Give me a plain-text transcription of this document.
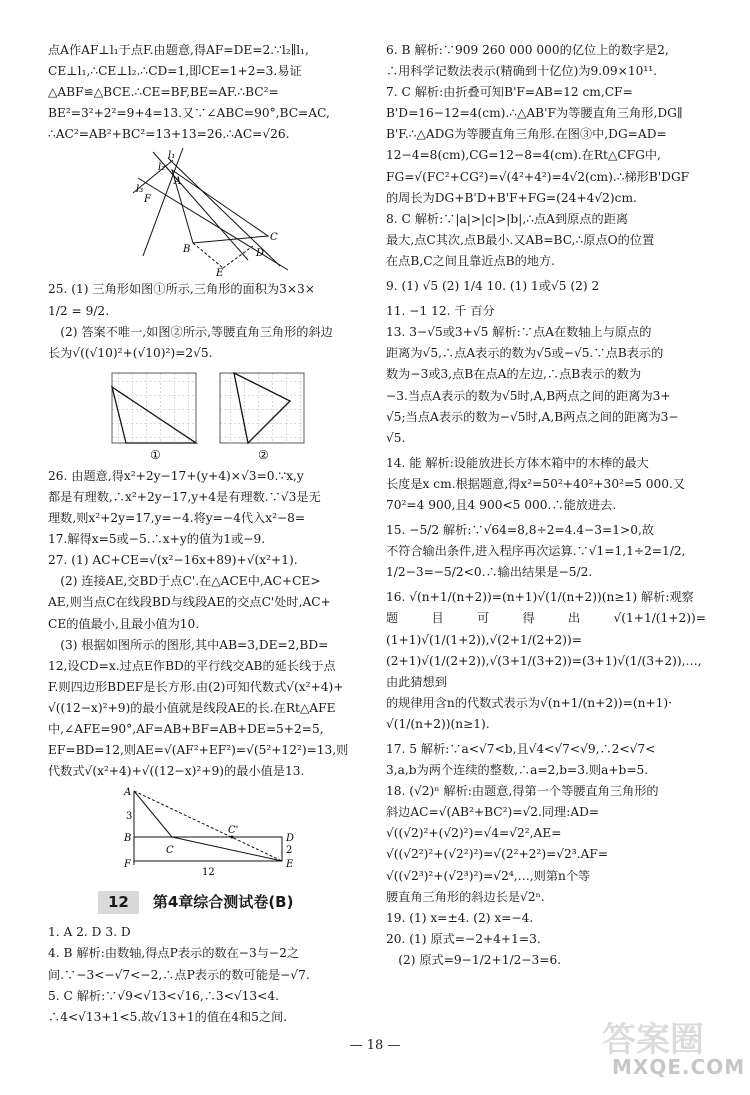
点A作AF⊥l₁于点F.由题意,得AF=DE=2.∵l₂∥l₁,

CE⊥l₁,∴CE⊥l₂.∴CD=1,即CE=1+2=3.易证

△ABF≌△BCE.∴CE=BF,BE=AF.∴BC²=

BE²=3²+2²=9+4=13.又∵∠ABC=90°,BC=AC,

∴AC²=AB²+BC²=13+13=26.∴AC=√26.

l₁
l₂
l₃
F
A
B
C
D
E

25. (1) 三角形如图①所示,三角形的面积为3×3×

1/2 = 9/2.

(2) 答案不唯一,如图②所示,等腰直角三角形的斜边

长为√((√10)²+(√10)²)=2√5.

①	②

26. 由题意,得x²+2y−17+(y+4)×√3=0.∵x,y

都是有理数,∴x²+2y−17,y+4是有理数.∵√3是无

理数,则x²+2y=17,y=−4.将y=−4代入x²−8=

17.解得x=5或−5.∴x+y的值为1或−9.

27. (1) AC+CE=√(x²−16x+89)+√(x²+1).

(2) 连接AE,交BD于点C'.在△ACE中,AC+CE>

AE,则当点C在线段BD与线段AE的交点C'处时,AC+

CE的值最小,且最小值为10.

(3) 根据如图所示的图形,其中AB=3,DE=2,BD=

12,设CD=x.过点E作BD的平行线交AB的延长线于点

F.则四边形BDEF是长方形.由(2)可知代数式√(x²+4)+

√((12−x)²+9)的最小值就是线段AE的长.在Rt△AFE

中,∠AFE=90°,AF=AB+BF=AB+DE=5+2=5,

EF=BD=12,则AE=√(AF²+EF²)=√(5²+12²)=13,则

代数式√(x²+4)+√((12−x)²+9)的最小值是13.

A
B
C
C'
D
E
F
3
2
12
12	第4章综合测试卷(B)

1. A 2. D 3. D

4. B 解析:由数轴,得点P表示的数在−3与−2之

间.∵−3<−√7<−2,∴点P表示的数可能是−√7.

5. C 解析:∵√9<√13<√16,∴3<√13<4.

∴4<√13+1<5.故√13+1的值在4和5之间.

6. B 解析:∵909 260 000 000的亿位上的数字是2,

∴用科学记数法表示(精确到十亿位)为9.09×10¹¹.

7. C 解析:由折叠可知B'F=AB=12 cm,CF=

B'D=16−12=4(cm).∴△AB'F为等腰直角三角形,DG∥

B'F.∴△ADG为等腰直角三角形.在图③中,DG=AD=

12−4=8(cm),CG=12−8=4(cm).在Rt△CFG中,

FG=√(FC²+CG²)=√(4²+4²)=4√2(cm).∴梯形B'DGF

的周长为DG+B'D+B'F+FG=(24+4√2)cm.

8. C 解析:∵|a|>|c|>|b|,∴点A到原点的距离

最大,点C其次,点B最小.又AB=BC,∴原点O的位置

在点B,C之间且靠近点B的地方.

9. (1) √5 (2) 1/4 10. (1) 1或√5 (2) 2

11. −1 12. 千 百分

13. 3−√5或3+√5 解析:∵点A在数轴上与原点的

距离为√5,∴点A表示的数为√5或−√5.∵点B表示的

数为−3或3,点B在点A的左边,∴点B表示的数为

−3.当点A表示的数为√5时,A,B两点之间的距离为3+

√5;当点A表示的数为−√5时,A,B两点之间的距离为3−

√5.

14. 能 解析:设能放进长方体木箱中的木棒的最大

长度是x cm.根据题意,得x²=50²+40²+30²=5 000.又

70²=4 900,且4 900<5 000.∴能放进去.

15. −5/2 解析:∵√64=8,8÷2=4.4−3=1>0,故

不符合输出条件,进入程序再次运算.∵√1=1,1÷2=1/2,

1/2−3=−5/2<0.∴输出结果是−5/2.

16. √(n+1/(n+2))=(n+1)√(1/(n+2))(n≥1) 解析:观察

题目可得出√(1+1/(1+2))=(1+1)√(1/(1+2)),√(2+1/(2+2))=

(2+1)√(1/(2+2)),√(3+1/(3+2))=(3+1)√(1/(3+2)),…,由此猜想到

的规律用含n的代数式表示为√(n+1/(n+2))=(n+1)·

√(1/(n+2))(n≥1).

17. 5 解析:∵a<√7<b,且√4<√7<√9,∴2<√7<

3,a,b为两个连续的整数,∴a=2,b=3.则a+b=5.

18. (√2)ⁿ 解析:由题意,得第一个等腰直角三角形的

斜边AC=√(AB²+BC²)=√2.同理:AD=

√((√2)²+(√2)²)=√4=√2²,AE=

√((√2²)²+(√2²)²)=√(2²+2²)=√2³.AF=

√((√2³)²+(√2³)²)=√2⁴,…,则第n个等

腰直角三角形的斜边长是√2ⁿ.

19. (1) x=±4. (2) x=−4.

20. (1) 原式=−2+4+1=3.

(2) 原式=9−1/2+1/2−3=6.

— 18 —	答案圈
MXQE.COM
